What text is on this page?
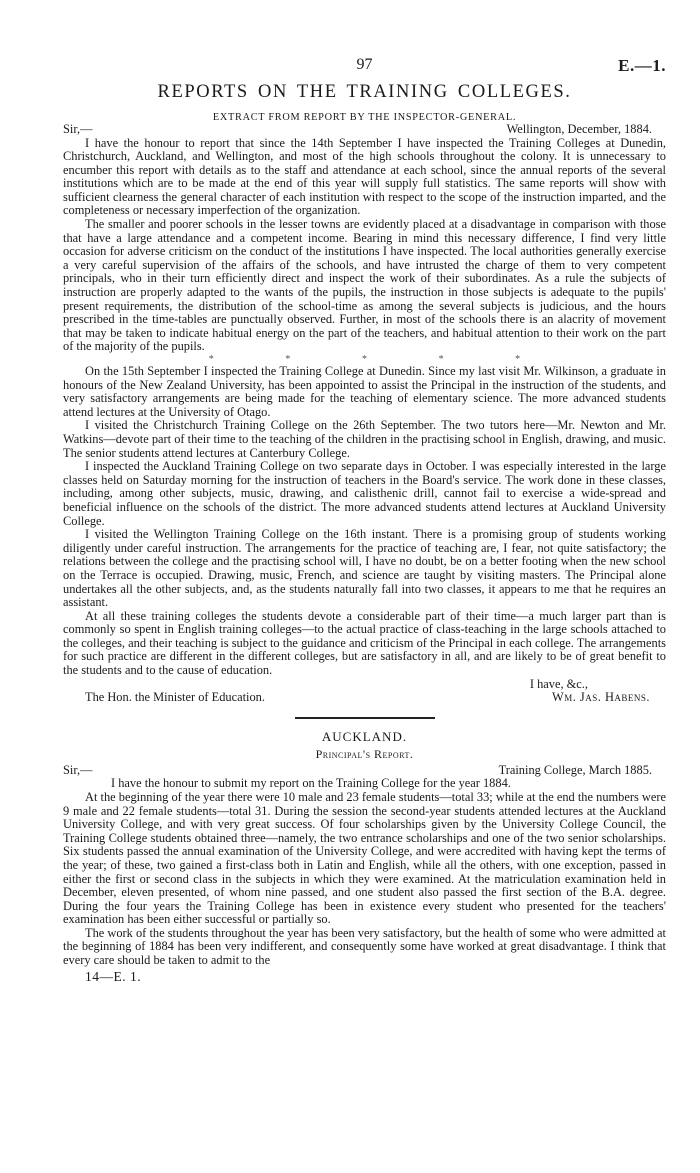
97	E.—1.
REPORTS ON THE TRAINING COLLEGES.
EXTRACT FROM REPORT BY THE INSPECTOR-GENERAL.
Sir,—	Wellington, December, 1884.

I have the honour to report that since the 14th September I have inspected the Training Colleges at Dunedin, Christchurch, Auckland, and Wellington, and most of the high schools throughout the colony. It is unnecessary to encumber this report with details as to the staff and attendance at each school, since the annual reports of the several institutions which are to be made at the end of this year will supply full statistics. The same reports will show with sufficient clearness the general character of each institution with respect to the scope of the instruction imparted, and the completeness or necessary imperfection of the organization.

The smaller and poorer schools in the lesser towns are evidently placed at a disadvantage in comparison with those that have a large attendance and a competent income. Bearing in mind this necessary difference, I find very little occasion for adverse criticism on the conduct of the institutions I have inspected. The local authorities generally exercise a very careful supervision of the affairs of the schools, and have intrusted the charge of them to very competent principals, who in their turn efficiently direct and inspect the work of their subordinates. As a rule the subjects of instruction are properly adapted to the wants of the pupils, the instruction in those subjects is adequate to the pupils' present requirements, the distribution of the school-time as among the several subjects is judicious, and the hours prescribed in the time-tables are punctually observed. Further, in most of the schools there is an alacrity of movement that may be taken to indicate habitual energy on the part of the teachers, and habitual attention to their work on the part of the majority of the pupils.

*	*	*	*	*

On the 15th September I inspected the Training College at Dunedin. Since my last visit Mr. Wilkinson, a graduate in honours of the New Zealand University, has been appointed to assist the Principal in the instruction of the students, and very satisfactory arrangements are being made for the teaching of elementary science. The more advanced students attend lectures at the University of Otago.

I visited the Christchurch Training College on the 26th September. The two tutors here—Mr. Newton and Mr. Watkins—devote part of their time to the teaching of the children in the practising school in English, drawing, and music. The senior students attend lectures at Canterbury College.

I inspected the Auckland Training College on two separate days in October. I was especially interested in the large classes held on Saturday morning for the instruction of teachers in the Board's service. The work done in these classes, including, among other subjects, music, drawing, and calisthenic drill, cannot fail to exercise a wide-spread and beneficial influence on the schools of the district. The more advanced students attend lectures at Auckland University College.

I visited the Wellington Training College on the 16th instant. There is a promising group of students working diligently under careful instruction. The arrangements for the practice of teaching are, I fear, not quite satisfactory; the relations between the college and the practising school will, I have no doubt, be on a better footing when the new school on the Terrace is occupied. Drawing, music, French, and science are taught by visiting masters. The Principal alone undertakes all the other subjects, and, as the students naturally fall into two classes, it appears to me that he requires an assistant.

At all these training colleges the students devote a considerable part of their time—a much larger part than is commonly so spent in English training colleges—to the actual practice of class-teaching in the large schools attached to the colleges, and their teaching is subject to the guidance and criticism of the Principal in each college. The arrangements for such practice are different in the different colleges, but are satisfactory in all, and are likely to be of great benefit to the students and to the cause of education.

I have, &c.,
The Hon. the Minister of Education.	Wm. Jas. Habens.
AUCKLAND.
Principal's Report.
Sir,—	Training College, March 1885.

I have the honour to submit my report on the Training College for the year 1884.

At the beginning of the year there were 10 male and 23 female students—total 33; while at the end the numbers were 9 male and 22 female students—total 31. During the session the second-year students attended lectures at the Auckland University College, and with very great success. Of four scholarships given by the University College Council, the Training College students obtained three—namely, the two entrance scholarships and one of the two senior scholarships. Six students passed the annual examination of the University College, and were accredited with having kept the terms of the year; of these, two gained a first-class both in Latin and English, while all the others, with one exception, passed in either the first or second class in the subjects in which they were examined. At the matriculation examination held in December, eleven presented, of whom nine passed, and one student also passed the first section of the B.A. degree. During the four years the Training College has been in existence every student who presented for the teachers' examination has been either successful or partially so.

The work of the students throughout the year has been very satisfactory, but the health of some who were admitted at the beginning of 1884 has been very indifferent, and consequently some have worked at great disadvantage. I think that every care should be taken to admit to the

14—E. 1.
